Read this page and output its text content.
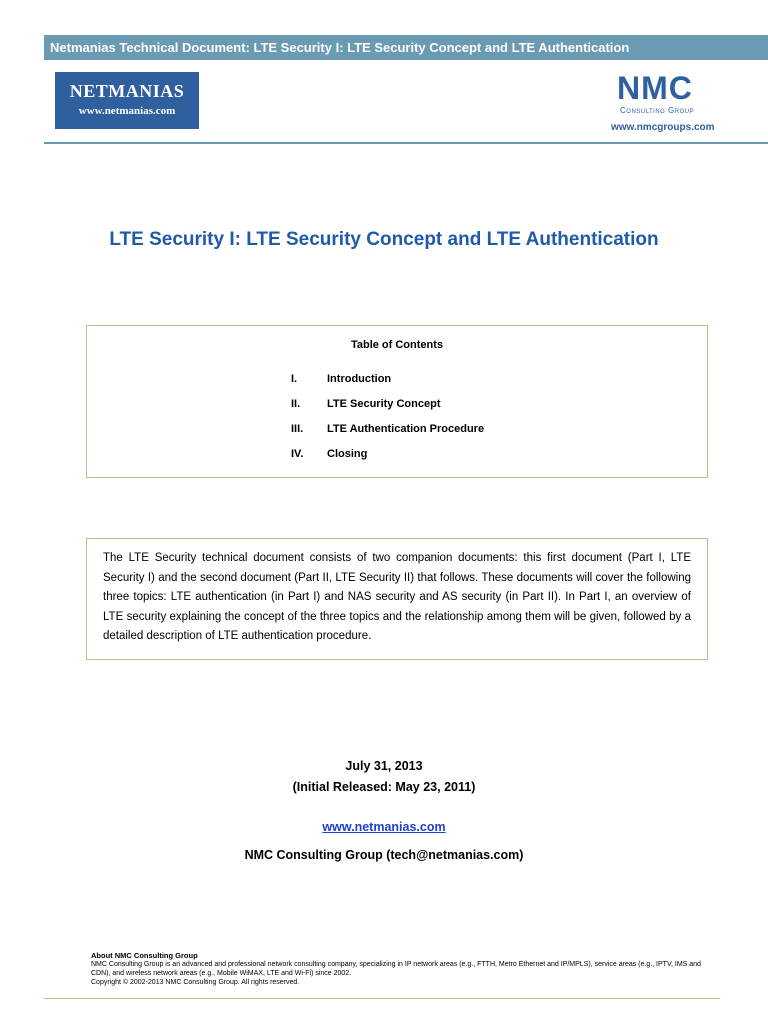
Netmanias Technical Document: LTE Security I: LTE Security Concept and LTE Authentication
NETMANIAS
www.netmanias.com
NMC
Consulting Group
www.nmcgroups.com
LTE Security I: LTE Security Concept and LTE Authentication
Table of Contents
I.	Introduction
II. LTE Security Concept
III. LTE Authentication Procedure
IV. Closing

The LTE Security technical document consists of two companion documents: this first document (Part I, LTE Security I) and the second document (Part II, LTE Security II) that follows. These documents will cover the following three topics: LTE authentication (in Part I) and NAS security and AS security (in Part II). In Part I, an overview of LTE security explaining the concept of the three topics and the relationship among them will be given, followed by a detailed description of LTE authentication procedure.

July 31, 2013
(Initial Released: May 23, 2011)
www.netmanias.com
NMC Consulting Group (tech@netmanias.com)
About NMC Consulting Group
NMC Consulting Group is an advanced and professional network consulting company, specializing in IP network areas (e.g., FTTH, Metro Ethernet and IP/MPLS), service areas (e.g., IPTV, IMS and CDN), and wireless network areas (e.g., Mobile WiMAX, LTE and Wi-Fi) since 2002.
Copyright © 2002-2013 NMC Consulting Group. All rights reserved.
